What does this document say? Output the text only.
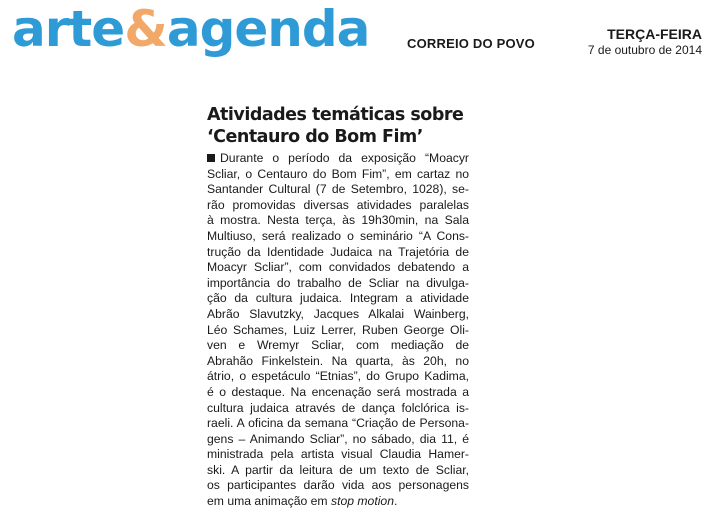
arte&agenda	CORREIO DO POVO
TERÇA-FEIRA
7 de outubro de 2014
Atividades temáticas sobre
‘Centauro do Bom Fim’
Durante o período da exposição “Moacyr
Scliar, o Centauro do Bom Fim”, em cartaz no
Santander Cultural (7 de Setembro, 1028), se-
rão promovidas diversas atividades paralelas
à mostra. Nesta terça, às 19h30min, na Sala
Multiuso, será realizado o seminário “A Cons-
trução da Identidade Judaica na Trajetória de
Moacyr Scliar”, com convidados debatendo a
importância do trabalho de Scliar na divulga-
ção da cultura judaica. Integram a atividade
Abrão Slavutzky, Jacques Alkalai Wainberg,
Léo Schames, Luiz Lerrer, Ruben George Oli-
ven e Wremyr Scliar, com mediação de
Abrahão Finkelstein. Na quarta, às 20h, no
átrio, o espetáculo “Etnias”, do Grupo Kadima,
é o destaque. Na encenação será mostrada a
cultura judaica através de dança folclórica is-
raeli. A oficina da semana “Criação de Persona-
gens – Animando Scliar”, no sábado, dia 11, é
ministrada pela artista visual Claudia Hamer-
ski. A partir da leitura de um texto de Scliar,
os participantes darão vida aos personagens
em uma animação em stop motion.
